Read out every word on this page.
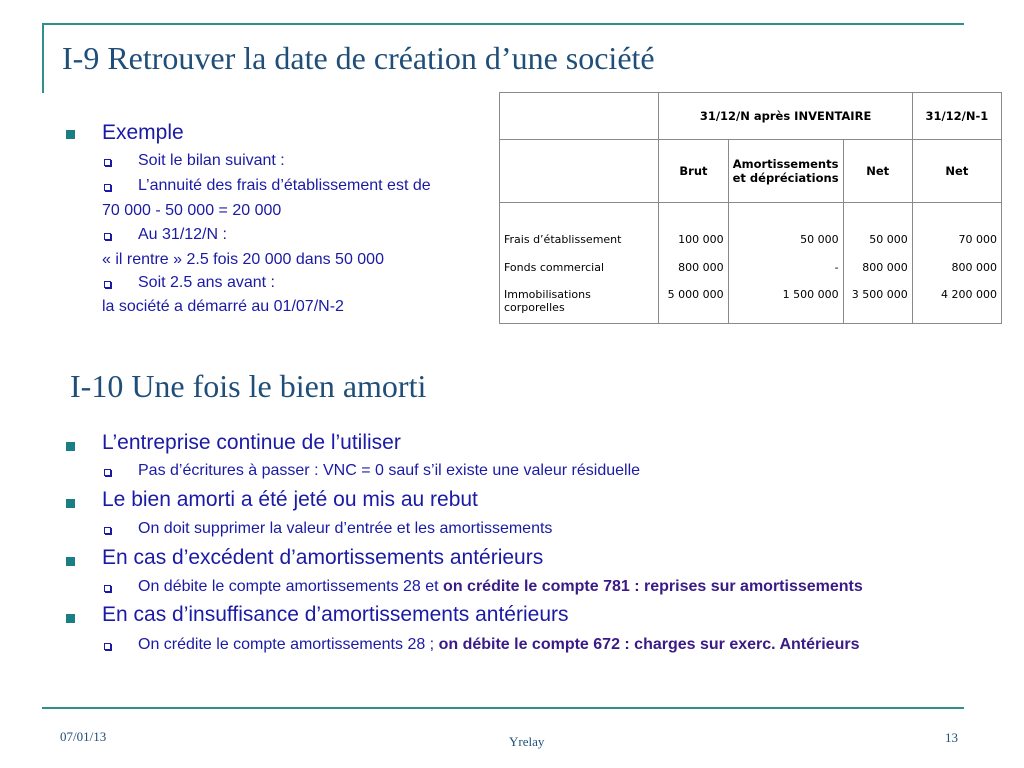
I-9 Retrouver la date de création d’une société

Exemple

Soit le bilan suivant :

L’annuité des frais d’établissement est de

70 000 - 50 000 = 20 000

Au 31/12/N :

« il rentre » 2.5 fois 20 000 dans 50 000

Soit 2.5 ans avant :

la société a démarré au 01/07/N-2

	31/12/N après INVENTAIRE			31/12/N-1
	Brut	Amortissements
et dépréciations	Net	Net
Frais d’établissement	100 000	50 000	50 000	70 000
Fonds commercial	800 000	-	800 000	800 000
Immobilisations corporelles	5 000 000	1 500 000	3 500 000	4 200 000
I-10 Une fois le bien amorti

L’entreprise continue de l’utiliser

Pas d’écritures à passer : VNC = 0 sauf s’il existe une valeur résiduelle

Le bien amorti a été jeté ou mis au rebut

On doit supprimer la valeur d’entrée et les amortissements

En cas d’excédent d’amortissements antérieurs

On débite le compte amortissements 28 et on crédite le compte 781 : reprises sur amortissements

En cas d’insuffisance d’amortissements antérieurs

On crédite le compte amortissements 28 ; on débite le compte 672 : charges sur exerc. Antérieurs

07/01/13	Yrelay	13
